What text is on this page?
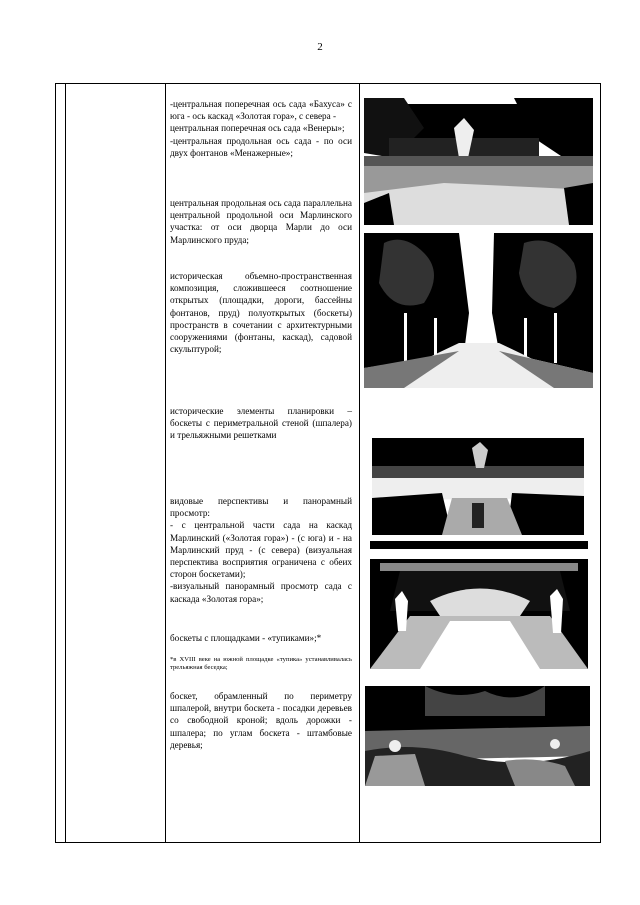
2
-центральная поперечная ось сада «Бахуса» с юга - ось каскад «Золотая гора», с севера -
центральная поперечная ось сада «Венеры»;
-центральная продольная ось сада - по оси двух фонтанов «Менажерные»;
центральная продольная ось сада параллельна центральной продольной оси Марлинского участка: от оси дворца Марли до оси Марлинского пруда;
историческая объемно-пространственная композиция, сложившееся соотношение открытых (площадки, дороги, бассейны фонтанов, пруд) полуоткрытых (боскеты) пространств в сочетании с архитектурными сооружениями (фонтаны, каскад), садовой скульптурой;
исторические элементы планировки – боскеты с периметральной стеной (шпалера) и трельяжными решетками
видовые перспективы и панорамный просмотр:
- с центральной части сада на каскад Марлинский («Золотая гора») - (с юга) и - на Марлинский пруд - (с севера) (визуальная перспектива восприятия ограничена с обеих сторон боскетами);
-визуальный панорамный просмотр сада с каскада «Золотая гора»;
боскеты с площадками - «тупиками»;*
*в XVIII веке на южной площадке «тупика» устанавливалась трельяжная беседка;
боскет, обрамленный по периметру шпалерой, внутри боскета - посадки деревьев со свободной кроной; вдоль дорожки - шпалера; по углам боскета - штамбовые деревья;
